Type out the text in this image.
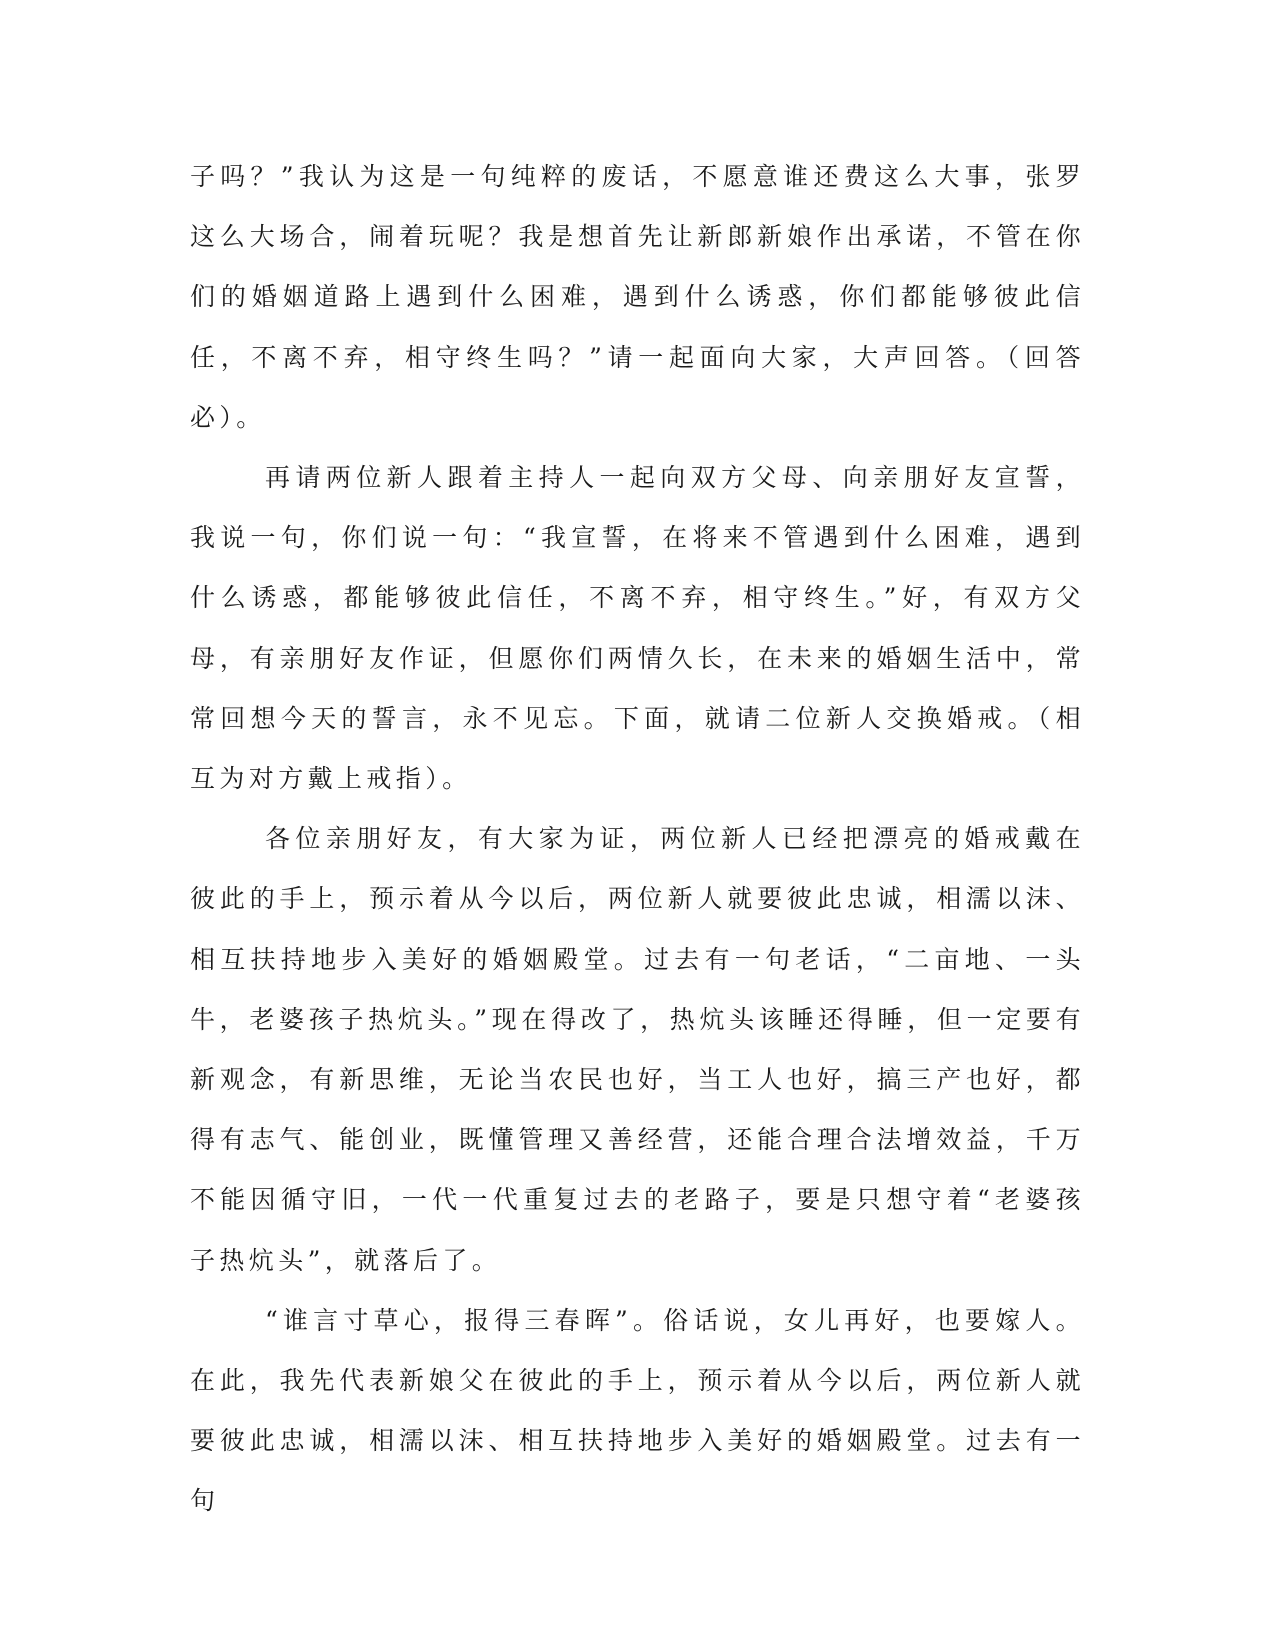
子吗？”我认为这是一句纯粹的废话，不愿意谁还费这么大事，张罗这么大场合，闹着玩呢？我是想首先让新郎新娘作出承诺，不管在你们的婚姻道路上遇到什么困难，遇到什么诱惑，你们都能够彼此信任，不离不弃，相守终生吗？”请一起面向大家，大声回答。（回答必）。

再请两位新人跟着主持人一起向双方父母、向亲朋好友宣誓，我说一句，你们说一句：“我宣誓，在将来不管遇到什么困难，遇到什么诱惑，都能够彼此信任，不离不弃，相守终生。”好，有双方父母，有亲朋好友作证，但愿你们两情久长，在未来的婚姻生活中，常常回想今天的誓言，永不见忘。下面，就请二位新人交换婚戒。（相互为对方戴上戒指）。

各位亲朋好友，有大家为证，两位新人已经把漂亮的婚戒戴在彼此的手上，预示着从今以后，两位新人就要彼此忠诚，相濡以沫、相互扶持地步入美好的婚姻殿堂。过去有一句老话，“二亩地、一头牛，老婆孩子热炕头。”现在得改了，热炕头该睡还得睡，但一定要有新观念，有新思维，无论当农民也好，当工人也好，搞三产也好，都得有志气、能创业，既懂管理又善经营，还能合理合法增效益，千万不能因循守旧，一代一代重复过去的老路子，要是只想守着“老婆孩子热炕头”，就落后了。

“谁言寸草心，报得三春晖”。俗话说，女儿再好，也要嫁人。在此，我先代表新娘父在彼此的手上，预示着从今以后，两位新人就要彼此忠诚，相濡以沫、相互扶持地步入美好的婚姻殿堂。过去有一句
